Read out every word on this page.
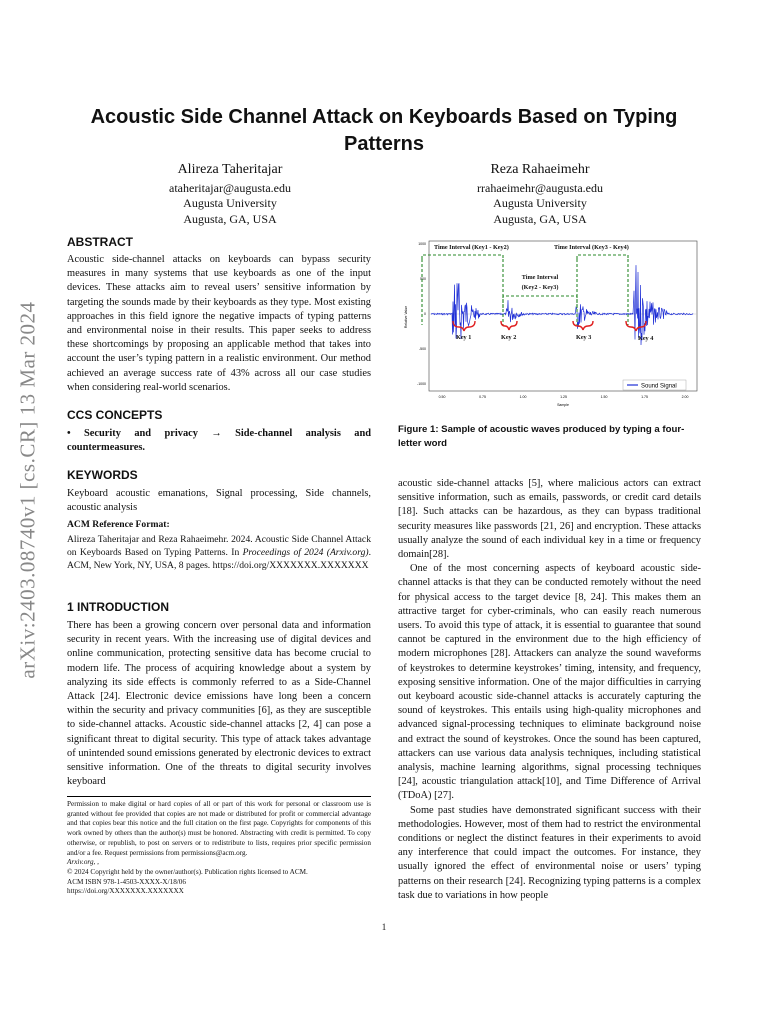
arXiv:2403.08740v1 [cs.CR] 13 Mar 2024
Acoustic Side Channel Attack on Keyboards Based on Typing Patterns
Alireza Taheritajar
ataheritajar@augusta.edu
Augusta University
Augusta, GA, USA
Reza Rahaeimehr
rrahaeimehr@augusta.edu
Augusta University
Augusta, GA, USA
ABSTRACT
Acoustic side-channel attacks on keyboards can bypass security measures in many systems that use keyboards as one of the input devices. These attacks aim to reveal users’ sensitive information by targeting the sounds made by their keyboards as they type. Most existing approaches in this field ignore the negative impacts of typing patterns and environmental noise in their results. This paper seeks to address these shortcomings by proposing an applicable method that takes into account the user’s typing pattern in a realistic environment. Our method achieved an average success rate of 43% across all our case studies when considering real-world scenarios.
CCS CONCEPTS
• Security and privacy → Side-channel analysis and countermeasures.
KEYWORDS
Keyboard acoustic emanations, Signal processing, Side channels, acoustic analysis
ACM Reference Format:
Alireza Taheritajar and Reza Rahaeimehr. 2024. Acoustic Side Channel Attack on Keyboards Based on Typing Patterns. In Proceedings of 2024 (Arxiv.org). ACM, New York, NY, USA, 8 pages. https://doi.org/XXXXXXX.XXXXXXX
1 INTRODUCTION
There has been a growing concern over personal data and information security in recent years. With the increasing use of digital devices and online communication, protecting sensitive data has become crucial to modern life. The process of acquiring knowledge about a system by analyzing its side effects is commonly referred to as a Side-Channel Attack [24]. Electronic device emissions have long been a concern within the security and privacy communities [6], as they are susceptible to side-channel attacks. Acoustic side-channel attacks [2, 4] can pose a significant threat to digital security. This type of attack takes advantage of unintended sound emissions generated by electronic devices to extract sensitive information. One of the threats to digital security involves keyboard

Permission to make digital or hard copies of all or part of this work for personal or classroom use is granted without fee provided that copies are not made or distributed for profit or commercial advantage and that copies bear this notice and the full citation on the first page. Copyrights for components of this work owned by others than the author(s) must be honored. Abstracting with credit is permitted. To copy otherwise, or republish, to post on servers or to redistribute to lists, requires prior specific permission and/or a fee. Request permissions from permissions@acm.org.

Arxiv.org, ,

© 2024 Copyright held by the owner/author(s). Publication rights licensed to ACM.

ACM ISBN 978-1-4503-XXXX-X/18/06

https://doi.org/XXXXXXX.XXXXXXX

1000
500
0
-500
-1000
0.50	0.75	1.00	1.25	1.50	1.75	2.00
Relative Value
Sample
Time Interval (Key1 - Key2)	Time Interval (Key3 - Key4)
Time Interval
(Key2 - Key3)
Key 1	Key 2	Key 3	Key 4
Sound Signal
Figure 1: Sample of acoustic waves produced by typing a four-letter word

acoustic side-channel attacks [5], where malicious actors can extract sensitive information, such as emails, passwords, or credit card details [18]. Such attacks can be hazardous, as they can bypass traditional security measures like passwords [21, 26] and encryption. These attacks usually analyze the sound of each individual key in a time or frequency domain[28].

One of the most concerning aspects of keyboard acoustic side-channel attacks is that they can be conducted remotely without the need for physical access to the target device [8, 24]. This makes them an attractive target for cyber-criminals, who can easily reach numerous users. To avoid this type of attack, it is essential to guarantee that sound cannot be captured in the environment due to the high efficiency of modern microphones [28]. Attackers can analyze the sound waveforms of keystrokes to determine keystrokes’ timing, intensity, and frequency, exposing sensitive information. One of the major difficulties in carrying out keyboard acoustic side-channel attacks is accurately capturing the sound of keystrokes. This entails using high-quality microphones and advanced signal-processing techniques to eliminate background noise and extract the sound of keystrokes. Once the sound has been captured, attackers can use various data analysis techniques, including statistical analysis, machine learning algorithms, signal processing techniques [24], acoustic triangulation attack[10], and Time Difference of Arrival (TDoA) [27].

Some past studies have demonstrated significant success with their methodologies. However, most of them had to restrict the environmental conditions or neglect the distinct features in their experiments to avoid any interference that could impact the outcomes. For instance, they usually ignored the effect of environmental noise or users’ typing patterns on their research [24]. Recognizing typing patterns is a complex task due to variations in how people

1
